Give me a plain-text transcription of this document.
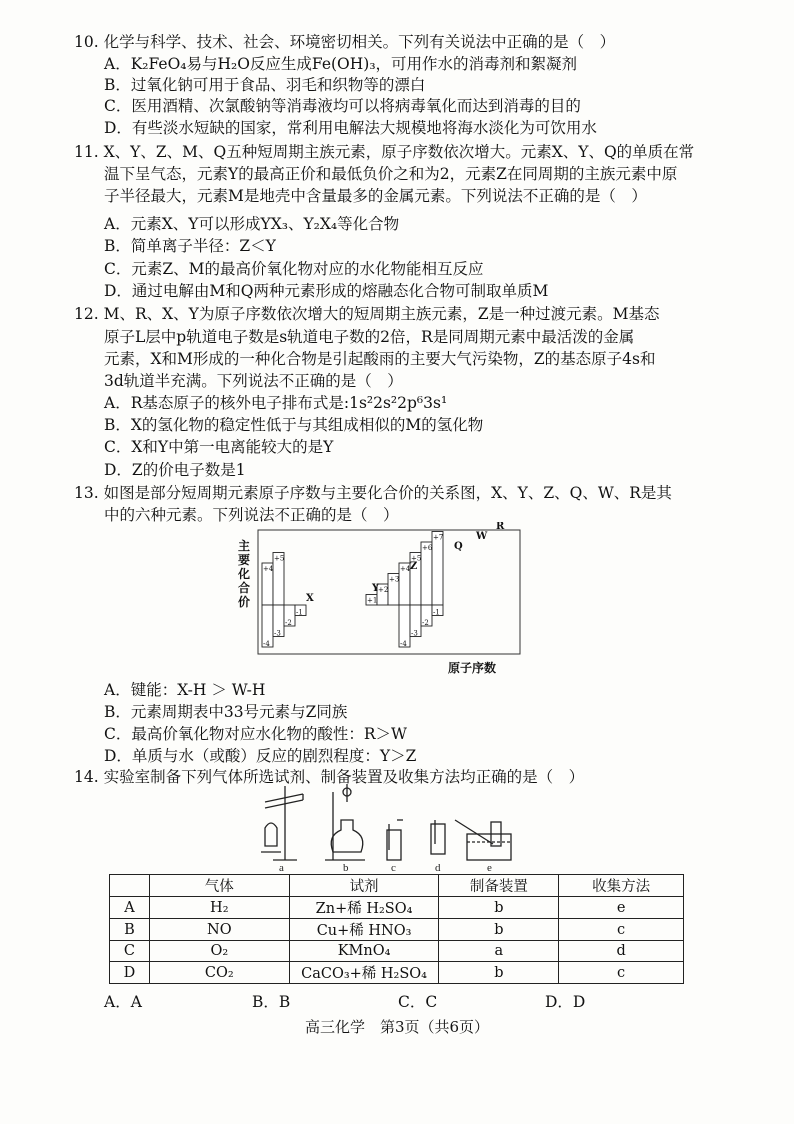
10. 化学与科学、技术、社会、环境密切相关。下列有关说法中正确的是（　）
A．K₂FeO₄易与H₂O反应生成Fe(OH)₃，可用作水的消毒剂和絮凝剂
B．过氧化钠可用于食品、羽毛和织物等的漂白
C．医用酒精、次氯酸钠等消毒液均可以将病毒氧化而达到消毒的目的
D．有些淡水短缺的国家，常利用电解法大规模地将海水淡化为可饮用水
11. X、Y、Z、M、Q五种短周期主族元素，原子序数依次增大。元素X、Y、Q的单质在常
温下呈气态，元素Y的最高正价和最低负价之和为2，元素Z在同周期的主族元素中原
子半径最大，元素M是地壳中含量最多的金属元素。下列说法不正确的是（　）
A．元素X、Y可以形成YX₃、Y₂X₄等化合物
B．简单离子半径：Z＜Y
C．元素Z、M的最高价氧化物对应的水化物能相互反应
D．通过电解由M和Q两种元素形成的熔融态化合物可制取单质M
12. M、R、X、Y为原子序数依次增大的短周期主族元素，Z是一种过渡元素。M基态
原子L层中p轨道电子数是s轨道电子数的2倍，R是同周期元素中最活泼的金属
元素，X和M形成的一种化合物是引起酸雨的主要大气污染物，Z的基态原子4s和
3d轨道半充满。下列说法不正确的是（　）
A．R基态原子的核外电子排布式是:1s²2s²2p⁶3s¹
B．X的氢化物的稳定性低于与其组成相似的M的氢化物
C．X和Y中第一电离能较大的是Y
D．Z的价电子数是1
13. 如图是部分短周期元素原子序数与主要化合价的关系图，X、Y、Z、Q、W、R是其
中的六种元素。下列说法不正确的是（　）
主
要
化
合
价
原子序数
+4
-4
+5
-3
-2
-1
+1
+2
+3
+4
-4
+5
-3
+6
-2
+7
-1
X
Y
Z
Q
W
R
A．键能：X-H ＞ W-H
B．元素周期表中33号元素与Z同族
C．最高价氧化物对应水化物的酸性：R＞W
D．单质与水（或酸）反应的剧烈程度：Y＞Z
14. 实验室制备下列气体所选试剂、制备装置及收集方法均正确的是（　）
a	b	c	d	e
	气体	试剂	制备装置	收集方法
A	H₂	Zn+稀 H₂SO₄	b	e
B	NO	Cu+稀 HNO₃	b	c
C	O₂	KMnO₄	a	d
D	CO₂	CaCO₃+稀 H₂SO₄	b	c
A．A	B．B	C．C	D．D
高三化学　第3页（共6页）
